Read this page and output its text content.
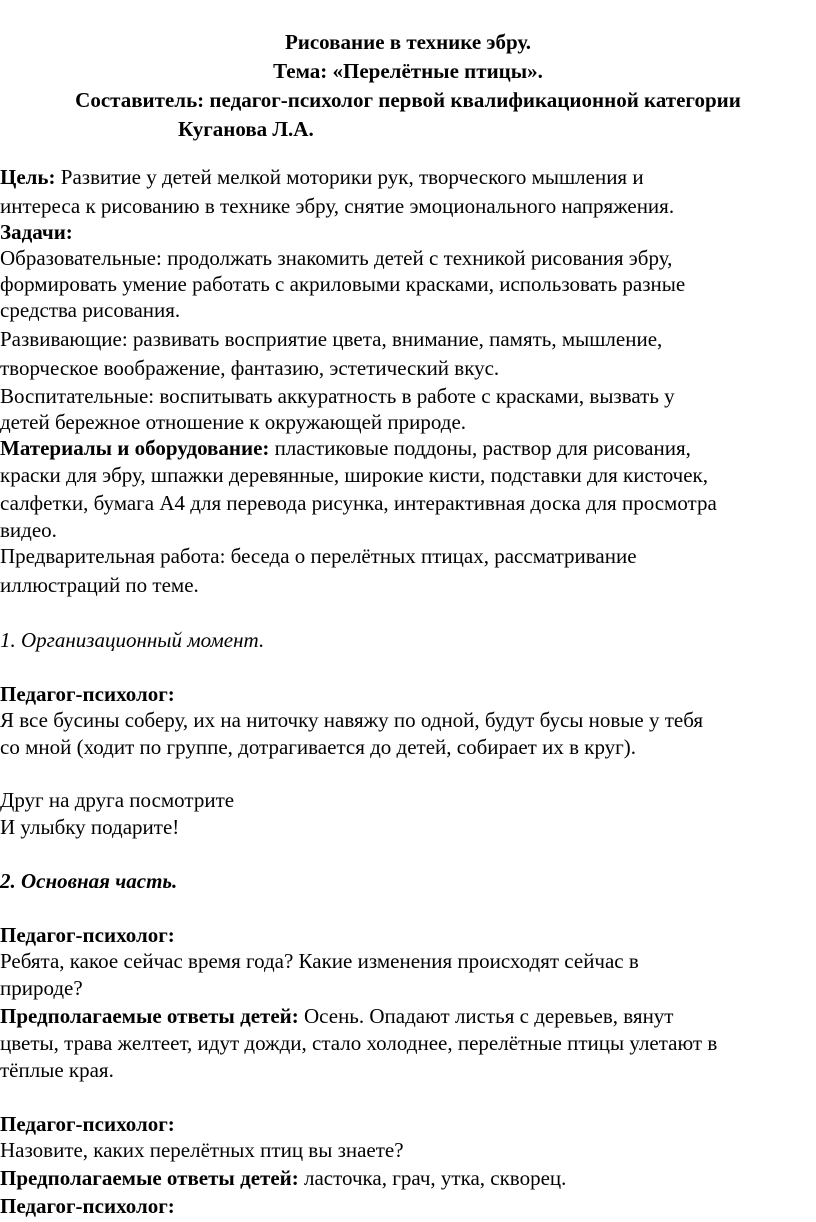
Рисование в технике эбру.
Тема: «Перелётные птицы».
Составитель: педагог-психолог первой квалификационной категории
Куганова Л.А.
Цель: Развитие у детей мелкой моторики рук, творческого мышления и
интереса к рисованию в технике эбру, снятие эмоционального напряжения.
Задачи:
Образовательные: продолжать знакомить детей с техникой рисования эбру,
формировать умение работать с акриловыми красками, использовать разные
средства рисования.
Развивающие: развивать восприятие цвета, внимание, память, мышление,
творческое воображение, фантазию, эстетический вкус.
Воспитательные: воспитывать аккуратность в работе с красками, вызвать у
детей бережное отношение к окружающей природе.
Материалы и оборудование: пластиковые поддоны, раствор для рисования,
краски для эбру, шпажки деревянные, широкие кисти, подставки для кисточек,
салфетки, бумага А4 для перевода рисунка, интерактивная доска для просмотра
видео.
Предварительная работа: беседа о перелётных птицах, рассматривание
иллюстраций по теме.
1. Организационный момент.
Педагог-психолог:
Я все бусины соберу, их на ниточку навяжу по одной, будут бусы новые у тебя
со мной (ходит по группе, дотрагивается до детей, собирает их в круг).
Друг на друга посмотрите
И улыбку подарите!
2. Основная часть.
Педагог-психолог:
Ребята, какое сейчас время года? Какие изменения происходят сейчас в
природе?
Предполагаемые ответы детей: Осень. Опадают листья с деревьев, вянут
цветы, трава желтеет, идут дожди, стало холоднее, перелётные птицы улетают в
тёплые края.
Педагог-психолог:
Назовите, каких перелётных птиц вы знаете?
Предполагаемые ответы детей: ласточка, грач, утка, скворец.
Педагог-психолог:
